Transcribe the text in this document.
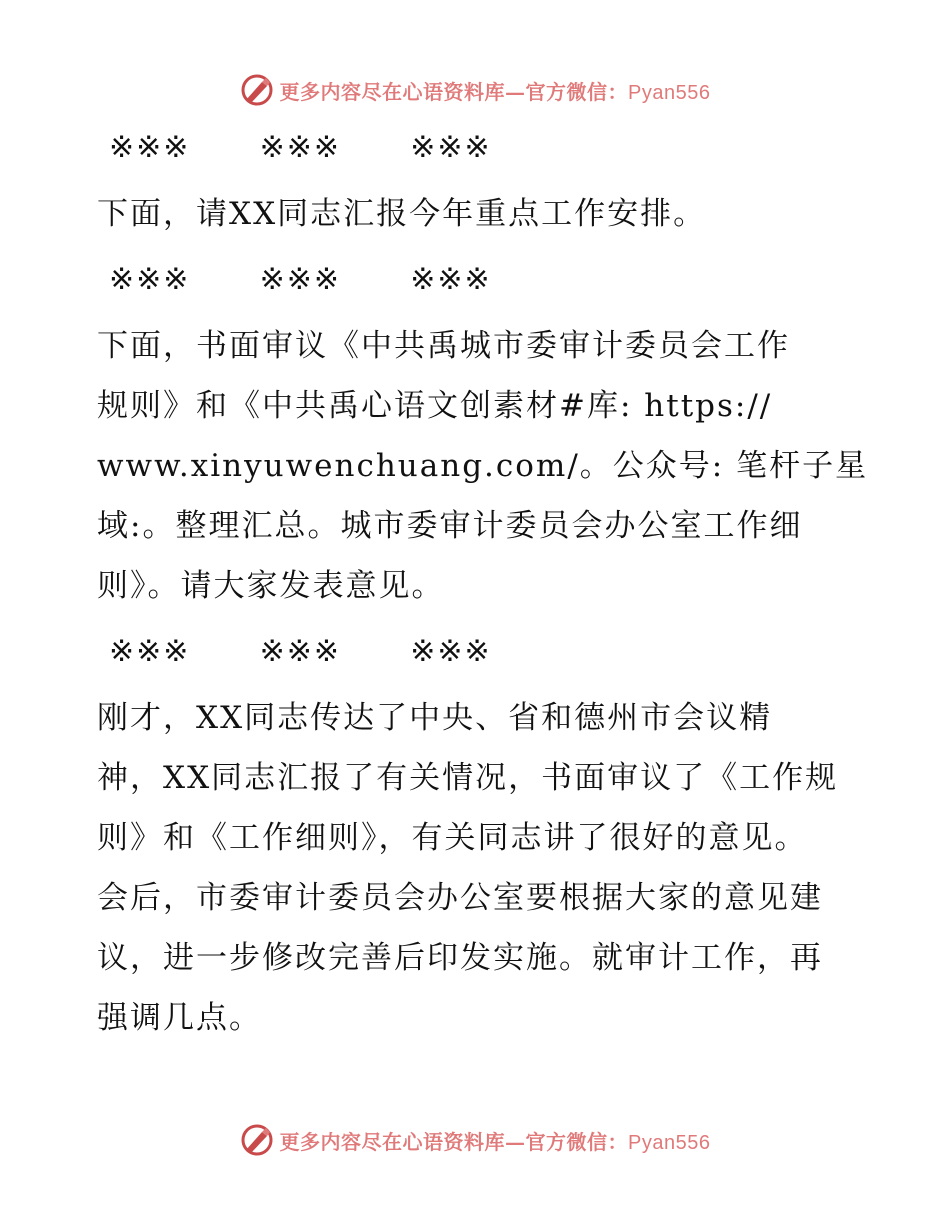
更多内容尽在心语资料库—官方微信：Pyan556
※※※      ※※※      ※※※
下面，请XX同志汇报今年重点工作安排。
※※※      ※※※      ※※※
下面，书面审议《中共禹城市委审计委员会工作
规则》和《中共禹心语文创素材#库: https://
www.xinyuwenchuang.com/。公众号: 笔杆子星
域:。整理汇总。城市委审计委员会办公室工作细
则》。请大家发表意见。
※※※      ※※※      ※※※
刚才，XX同志传达了中央、省和德州市会议精
神，XX同志汇报了有关情况，书面审议了《工作规
则》和《工作细则》，有关同志讲了很好的意见。
会后，市委审计委员会办公室要根据大家的意见建
议，进一步修改完善后印发实施。就审计工作，再
强调几点。
更多内容尽在心语资料库—官方微信：Pyan556
